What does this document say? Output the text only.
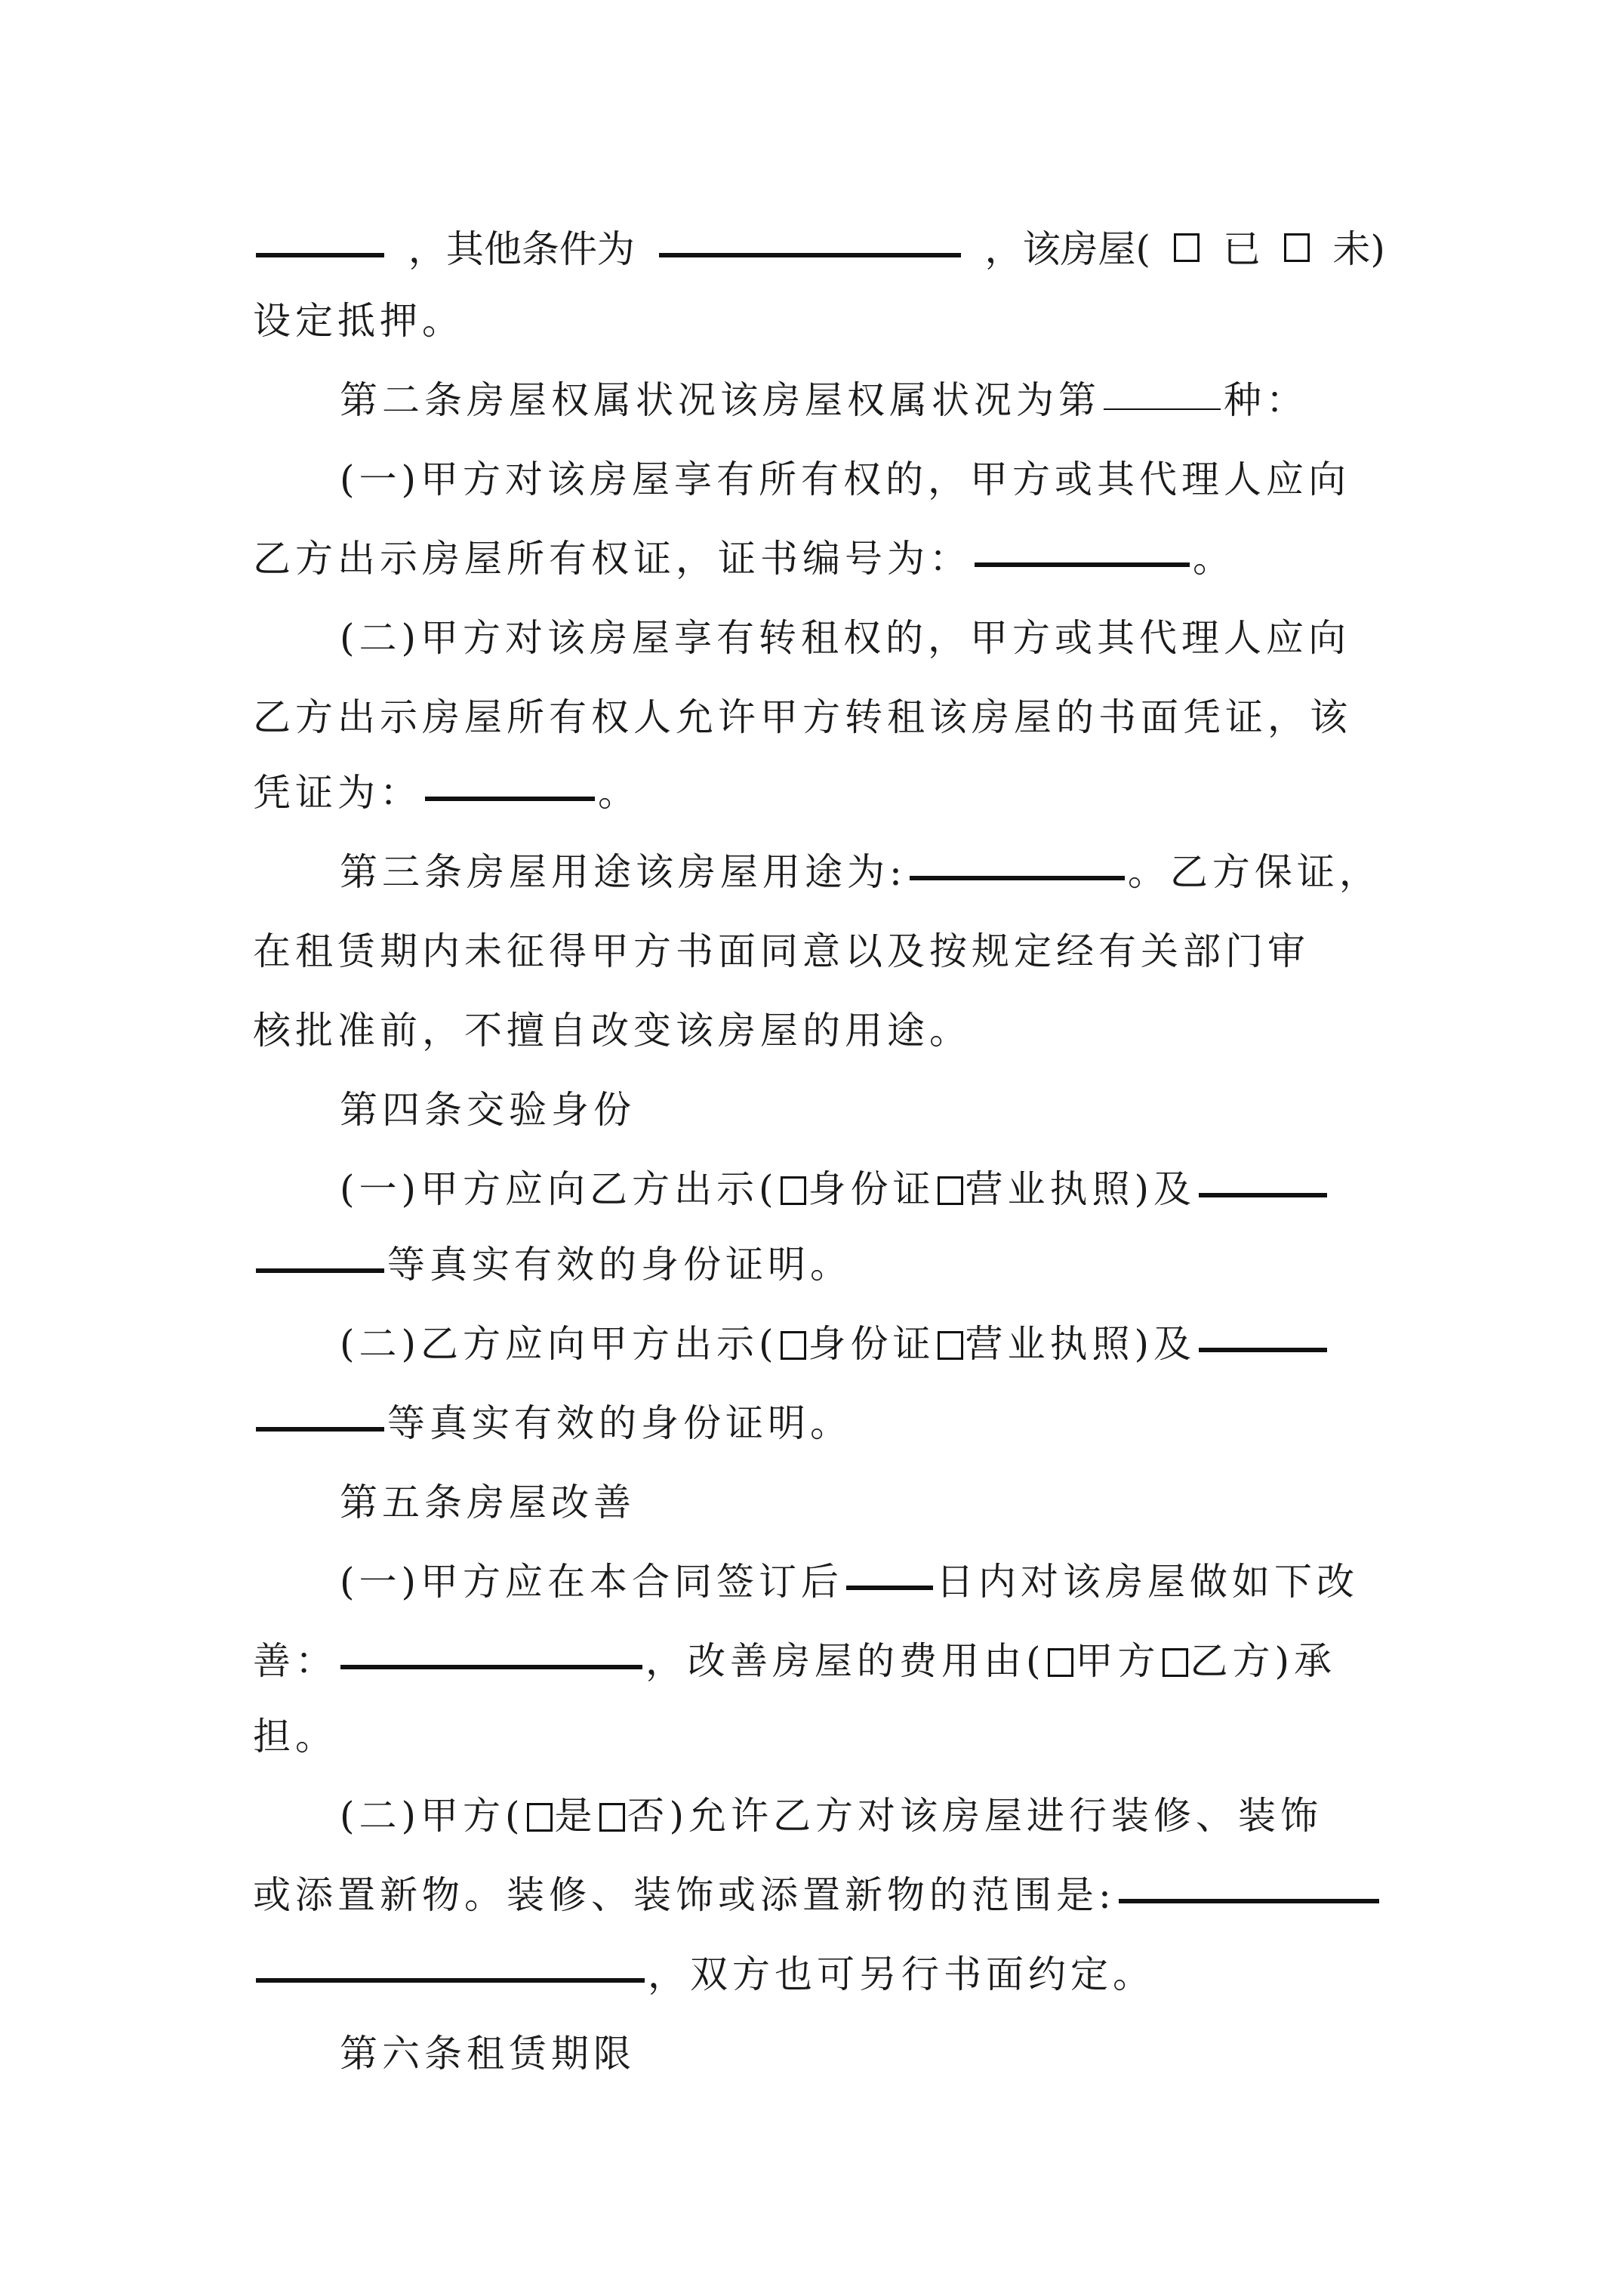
，其他条件为	，该房屋( 已 未)
设定抵押。
第二条房屋权属状况该房屋权属状况为第	种：
(一)甲方对该房屋享有所有权的，甲方或其代理人应向
乙方出示房屋所有权证，证书编号为：	。
(二)甲方对该房屋享有转租权的，甲方或其代理人应向
乙方出示房屋所有权人允许甲方转租该房屋的书面凭证，该
凭证为：	。
第三条房屋用途该房屋用途为:	。乙方保证，
在租赁期内未征得甲方书面同意以及按规定经有关部门审
核批准前，不擅自改变该房屋的用途。
第四条交验身份
(一)甲方应向乙方出示( 身份证 营业执照)及
等真实有效的身份证明。
(二)乙方应向甲方出示( 身份证 营业执照)及
等真实有效的身份证明。
第五条房屋改善
(一)甲方应在本合同签订后 日内对该房屋做如下改
善：	，改善房屋的费用由( 甲方 乙方)承
担。
(二)甲方( 是 否)允许乙方对该房屋进行装修、装饰
或添置新物。装修、装饰或添置新物的范围是:
，双方也可另行书面约定。
第六条租赁期限
